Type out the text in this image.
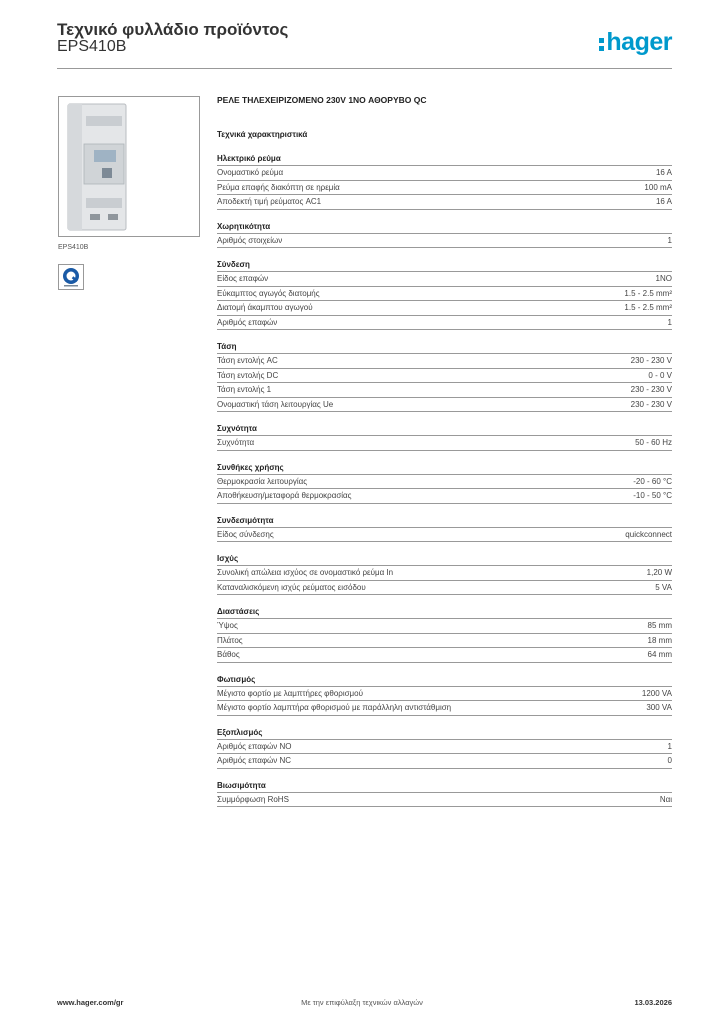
Τεχνικό φυλλάδιο προϊόντος
EPS410B	hager
EPS410B
ΡΕΛΕ ΤΗΛΕΧΕΙΡΙΖΟΜΕΝΟ 230V 1NO ΑΘΟΡΥΒΟ QC
Τεχνικά χαρακτηριστικά
Ηλεκτρικό ρεύμα
Ονομαστικό ρεύμα	16 A
Ρεύμα επαφής διακόπτη σε ηρεμία	100 mA
Αποδεκτή τιμή ρεύματος AC1	16 A
Χωρητικότητα
Αριθμός στοιχείων	1
Σύνδεση
Είδος επαφών	1NO
Εύκαμπτος αγωγός διατομής	1.5 - 2.5 mm²
Διατομή άκαμπτου αγωγού	1.5 - 2.5 mm²
Αριθμός επαφών	1
Τάση
Τάση εντολής AC	230 - 230 V
Τάση εντολής DC	0 - 0 V
Τάση εντολής 1	230 - 230 V
Ονομαστική τάση λειτουργίας Ue	230 - 230 V
Συχνότητα
Συχνότητα	50 - 60 Hz
Συνθήκες χρήσης
Θερμοκρασία λειτουργίας	-20 - 60 °C
Αποθήκευση/μεταφορά θερμοκρασίας	-10 - 50 °C
Συνδεσιμότητα
Είδος σύνδεσης	quickconnect
Ισχύς
Συνολική απώλεια ισχύος σε ονομαστικό ρεύμα In	1,20 W
Καταναλισκόμενη ισχύς ρεύματος εισόδου	5 VA
Διαστάσεις
Ύψος	85 mm
Πλάτος	18 mm
Βάθος	64 mm
Φωτισμός
Μέγιστο φορτίο με λαμπτήρες φθορισμού	1200 VA
Μέγιστο φορτίο λαμπτήρα φθορισμού με παράλληλη αντιστάθμιση	300 VA
Εξοπλισμός
Αριθμός επαφών NO	1
Αριθμός επαφών NC	0
Βιωσιμότητα
Συμμόρφωση RoHS	Ναι
www.hager.com/gr	Με την επιφύλαξη τεχνικών αλλαγών	13.03.2026
